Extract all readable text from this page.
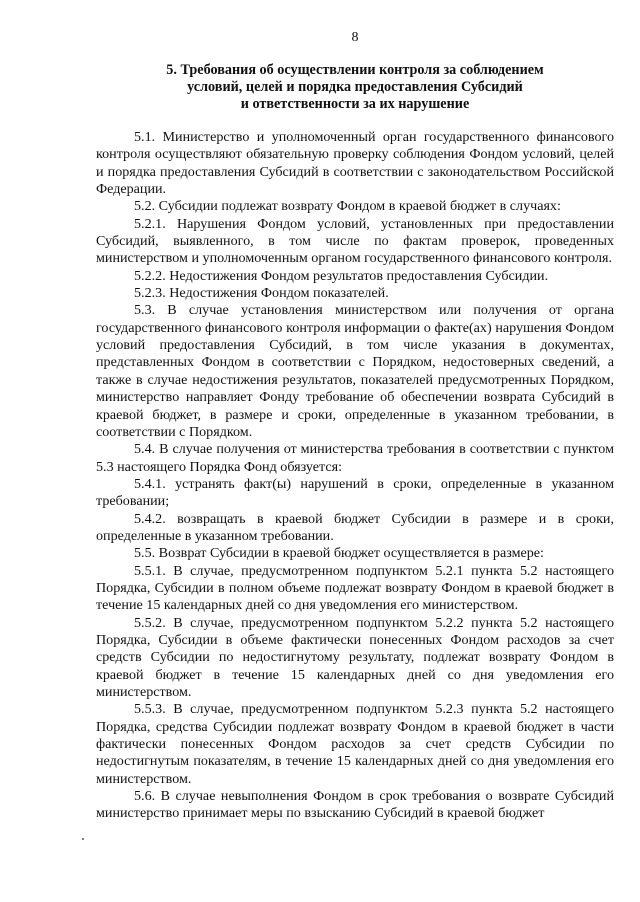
8
5. Требования об осуществлении контроля за соблюдением
условий, целей и порядка предоставления Субсидий
и ответственности за их нарушение

5.1. Министерство и уполномоченный орган государственного финансового контроля осуществляют обязательную проверку соблюдения Фондом условий, целей и порядка предоставления Субсидий в соответствии с законодательством Российской Федерации.

5.2. Субсидии подлежат возврату Фондом в краевой бюджет в случаях:

5.2.1. Нарушения Фондом условий, установленных при предоставлении Субсидий, выявленного, в том числе по фактам проверок, проведенных министерством и уполномоченным органом государственного финансового контроля.

5.2.2. Недостижения Фондом результатов предоставления Субсидии.

5.2.3. Недостижения Фондом показателей.

5.3. В случае установления министерством или получения от органа государственного финансового контроля информации о факте(ах) нарушения Фондом условий предоставления Субсидий, в том числе указания в документах, представленных Фондом в соответствии с Порядком, недостоверных сведений, а также в случае недостижения результатов, показателей предусмотренных Порядком, министерство направляет Фонду требование об обеспечении возврата Субсидий в краевой бюджет, в размере и сроки, определенные в указанном требовании, в соответствии с Порядком.

5.4. В случае получения от министерства требования в соответствии с пунктом 5.3 настоящего Порядка Фонд обязуется:

5.4.1. устранять факт(ы) нарушений в сроки, определенные в указанном требовании;

5.4.2. возвращать в краевой бюджет Субсидии в размере и в сроки, определенные в указанном требовании.

5.5. Возврат Субсидии в краевой бюджет осуществляется в размере:

5.5.1. В случае, предусмотренном подпунктом 5.2.1 пункта 5.2 настоящего Порядка, Субсидии в полном объеме подлежат возврату Фондом в краевой бюджет в течение 15 календарных дней со дня уведомления его министерством.

5.5.2. В случае, предусмотренном подпунктом 5.2.2 пункта 5.2 настоящего Порядка, Субсидии в объеме фактически понесенных Фондом расходов за счет средств Субсидии по недостигнутому результату, подлежат возврату Фондом в краевой бюджет в течение 15 календарных дней со дня уведомления его министерством.

5.5.3. В случае, предусмотренном подпунктом 5.2.3 пункта 5.2 настоящего Порядка, средства Субсидии подлежат возврату Фондом в краевой бюджет в части фактически понесенных Фондом расходов за счет средств Субсидии по недостигнутым показателям, в течение 15 календарных дней со дня уведомления его министерством.

5.6. В случае невыполнения Фондом в срок требования о возврате Субсидий министерство принимает меры по взысканию Субсидий в краевой бюджет
